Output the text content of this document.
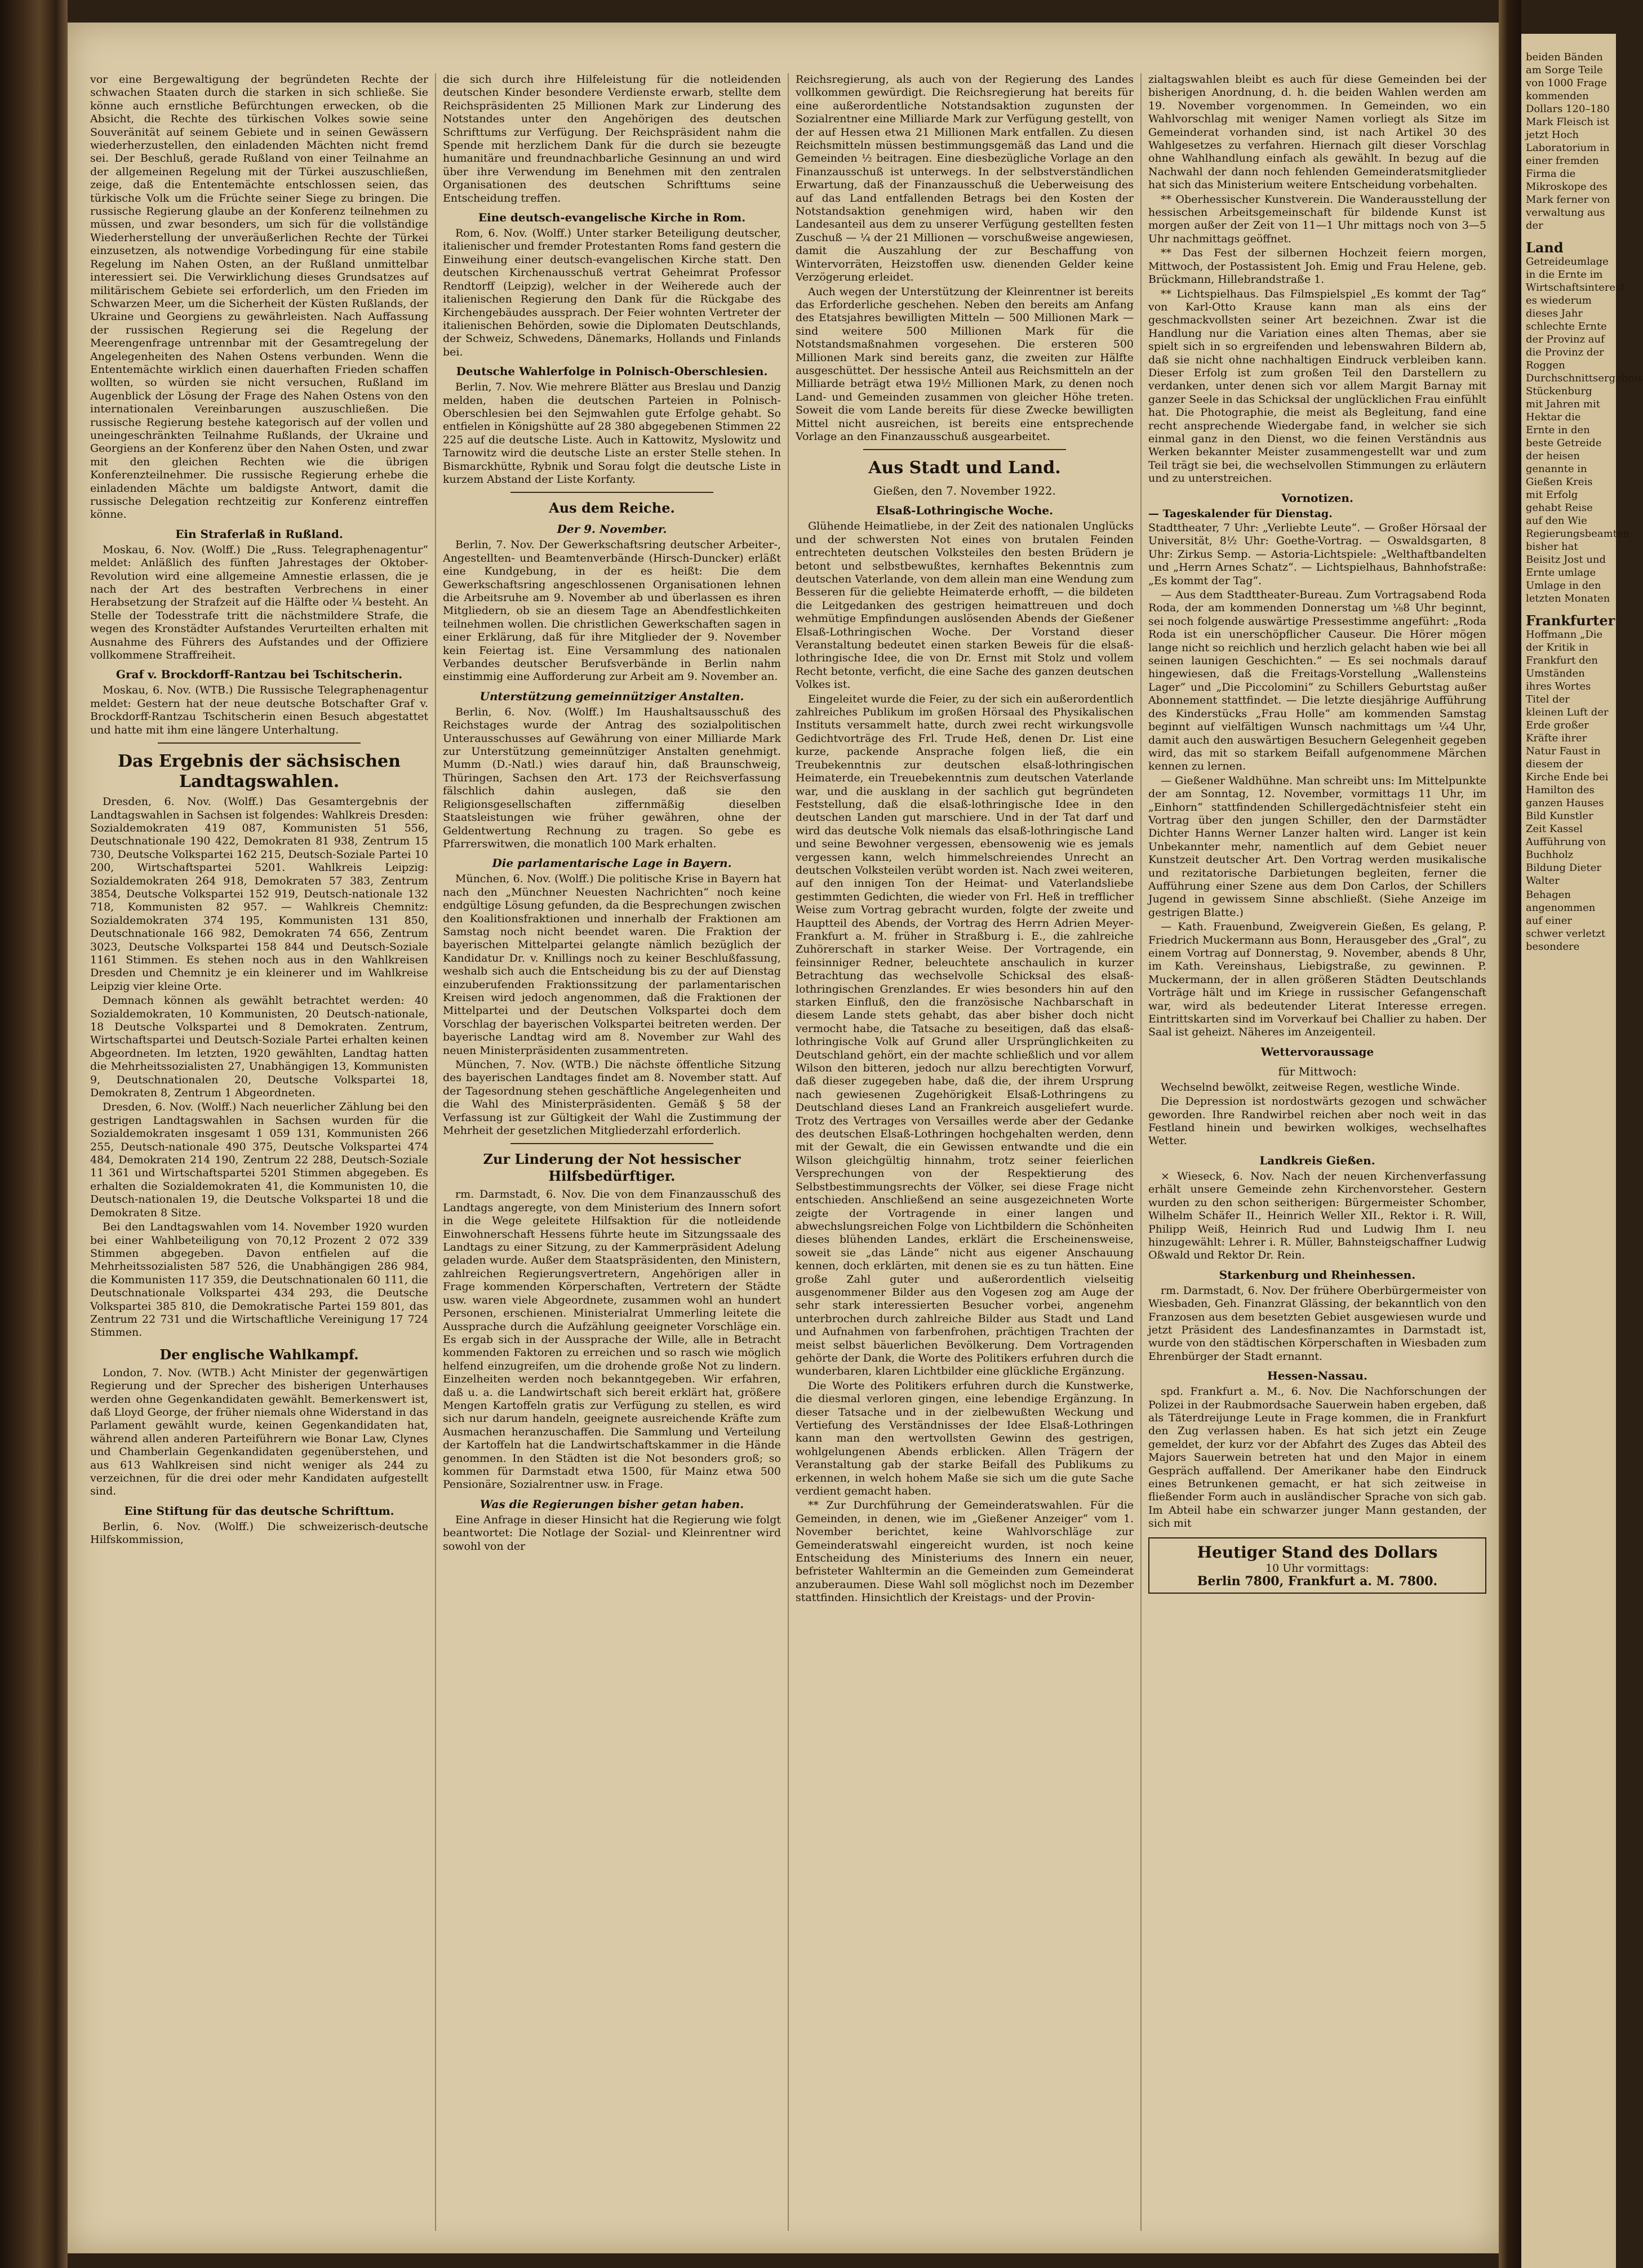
vor eine Bergewaltigung der begründeten Rechte der schwachen Staaten durch die starken in sich schließe. Sie könne auch ernstliche Befürchtungen erwecken, ob die Absicht, die Rechte des türkischen Volkes sowie seine Souveränität auf seinem Gebiete und in seinen Gewässern wiederherzustellen, den einladenden Mächten nicht fremd sei. Der Beschluß, gerade Rußland von einer Teilnahme an der allgemeinen Regelung mit der Türkei auszuschließen, zeige, daß die Ententemächte entschlossen seien, das türkische Volk um die Früchte seiner Siege zu bringen. Die russische Regierung glaube an der Konferenz teilnehmen zu müssen, und zwar besonders, um sich für die vollständige Wiederherstellung der unveräußerlichen Rechte der Türkei einzusetzen, als notwendige Vorbedingung für eine stabile Regelung im Nahen Osten, an der Rußland unmittelbar interessiert sei. Die Verwirklichung dieses Grundsatzes auf militärischem Gebiete sei erforderlich, um den Frieden im Schwarzen Meer, um die Sicherheit der Küsten Rußlands, der Ukraine und Georgiens zu gewährleisten. Nach Auffassung der russischen Regierung sei die Regelung der Meerengenfrage untrennbar mit der Gesamtregelung der Angelegenheiten des Nahen Ostens verbunden. Wenn die Ententemächte wirklich einen dauerhaften Frieden schaffen wollten, so würden sie nicht versuchen, Rußland im Augenblick der Lösung der Frage des Nahen Ostens von den internationalen Vereinbarungen auszuschließen. Die russische Regierung bestehe kategorisch auf der vollen und uneingeschränkten Teilnahme Rußlands, der Ukraine und Georgiens an der Konferenz über den Nahen Osten, und zwar mit den gleichen Rechten wie die übrigen Konferenzteilnehmer. Die russische Regierung erhebe die einladenden Mächte um baldigste Antwort, damit die russische Delegation rechtzeitig zur Konferenz eintreffen könne.

Ein Straferlaß in Rußland.

Moskau, 6. Nov. (Wolff.) Die „Russ. Telegraphenagentur“ meldet: Anläßlich des fünften Jahrestages der Oktober-Revolution wird eine allgemeine Amnestie erlassen, die je nach der Art des bestraften Verbrechens in einer Herabsetzung der Strafzeit auf die Hälfte oder ¼ besteht. An Stelle der Todesstrafe tritt die nächstmildere Strafe, die wegen des Kronstädter Aufstandes Verurteilten erhalten mit Ausnahme des Führers des Aufstandes und der Offiziere vollkommene Straffreiheit.

Graf v. Brockdorff-Rantzau bei Tschitscherin.

Moskau, 6. Nov. (WTB.) Die Russische Telegraphenagentur meldet: Gestern hat der neue deutsche Botschafter Graf v. Brockdorff-Rantzau Tschitscherin einen Besuch abgestattet und hatte mit ihm eine längere Unterhaltung.

Das Ergebnis der sächsischen Landtagswahlen.

Dresden, 6. Nov. (Wolff.) Das Gesamtergebnis der Landtagswahlen in Sachsen ist folgendes: Wahlkreis Dresden: Sozialdemokraten 419 087, Kommunisten 51 556, Deutschnationale 190 422, Demokraten 81 938, Zentrum 15 730, Deutsche Volkspartei 162 215, Deutsch-Soziale Partei 10 200, Wirtschaftspartei 5201. Wahlkreis Leipzig: Sozialdemokraten 264 918, Demokraten 57 383, Zentrum 3854, Deutsche Volkspartei 152 919, Deutsch-nationale 132 718, Kommunisten 82 957. — Wahlkreis Chemnitz: Sozialdemokraten 374 195, Kommunisten 131 850, Deutschnationale 166 982, Demokraten 74 656, Zentrum 3023, Deutsche Volkspartei 158 844 und Deutsch-Soziale 1161 Stimmen. Es stehen noch aus in den Wahlkreisen Dresden und Chemnitz je ein kleinerer und im Wahlkreise Leipzig vier kleine Orte.

Demnach können als gewählt betrachtet werden: 40 Sozialdemokraten, 10 Kommunisten, 20 Deutsch-nationale, 18 Deutsche Volkspartei und 8 Demokraten. Zentrum, Wirtschaftspartei und Deutsch-Soziale Partei erhalten keinen Abgeordneten. Im letzten, 1920 gewählten, Landtag hatten die Mehrheitssozialisten 27, Unabhängigen 13, Kommunisten 9, Deutschnationalen 20, Deutsche Volkspartei 18, Demokraten 8, Zentrum 1 Abgeordneten.

Dresden, 6. Nov. (Wolff.) Nach neuerlicher Zählung bei den gestrigen Landtagswahlen in Sachsen wurden für die Sozialdemokraten insgesamt 1 059 131, Kommunisten 266 255, Deutsch-nationale 490 375, Deutsche Volkspartei 474 484, Demokraten 214 190, Zentrum 22 288, Deutsch-Soziale 11 361 und Wirtschaftspartei 5201 Stimmen abgegeben. Es erhalten die Sozialdemokraten 41, die Kommunisten 10, die Deutsch-nationalen 19, die Deutsche Volkspartei 18 und die Demokraten 8 Sitze.

Bei den Landtagswahlen vom 14. November 1920 wurden bei einer Wahlbeteiligung von 70,12 Prozent 2 072 339 Stimmen abgegeben. Davon entfielen auf die Mehrheitssozialisten 587 526, die Unabhängigen 286 984, die Kommunisten 117 359, die Deutschnationalen 60 111, die Deutschnationale Volkspartei 434 293, die Deutsche Volkspartei 385 810, die Demokratische Partei 159 801, das Zentrum 22 731 und die Wirtschaftliche Vereinigung 17 724 Stimmen.

Der englische Wahlkampf.

London, 7. Nov. (WTB.) Acht Minister der gegenwärtigen Regierung und der Sprecher des bisherigen Unterhauses werden ohne Gegenkandidaten gewählt. Bemerkenswert ist, daß Lloyd George, der früher niemals ohne Widerstand in das Parlament gewählt wurde, keinen Gegenkandidaten hat, während allen anderen Parteiführern wie Bonar Law, Clynes und Chamberlain Gegenkandidaten gegenüberstehen, und aus 613 Wahlkreisen sind nicht weniger als 244 zu verzeichnen, für die drei oder mehr Kandidaten aufgestellt sind.

Eine Stiftung für das deutsche Schrifttum.

Berlin, 6. Nov. (Wolff.) Die schweizerisch-deutsche Hilfskommission,

die sich durch ihre Hilfeleistung für die notleidenden deutschen Kinder besondere Verdienste erwarb, stellte dem Reichspräsidenten 25 Millionen Mark zur Linderung des Notstandes unter den Angehörigen des deutschen Schrifttums zur Verfügung. Der Reichspräsident nahm die Spende mit herzlichem Dank für die durch sie bezeugte humanitäre und freundnachbarliche Gesinnung an und wird über ihre Verwendung im Benehmen mit den zentralen Organisationen des deutschen Schrifttums seine Entscheidung treffen.

Eine deutsch-evangelische Kirche in Rom.

Rom, 6. Nov. (Wolff.) Unter starker Beteiligung deutscher, italienischer und fremder Protestanten Roms fand gestern die Einweihung einer deutsch-evangelischen Kirche statt. Den deutschen Kirchenausschuß vertrat Geheimrat Professor Rendtorff (Leipzig), welcher in der Weiherede auch der italienischen Regierung den Dank für die Rückgabe des Kirchengebäudes aussprach. Der Feier wohnten Vertreter der italienischen Behörden, sowie die Diplomaten Deutschlands, der Schweiz, Schwedens, Dänemarks, Hollands und Finlands bei.

Deutsche Wahlerfolge in Polnisch-Oberschlesien.

Berlin, 7. Nov. Wie mehrere Blätter aus Breslau und Danzig melden, haben die deutschen Parteien in Polnisch-Oberschlesien bei den Sejmwahlen gute Erfolge gehabt. So entfielen in Königshütte auf 28 380 abgegebenen Stimmen 22 225 auf die deutsche Liste. Auch in Kattowitz, Myslowitz und Tarnowitz wird die deutsche Liste an erster Stelle stehen. In Bismarckhütte, Rybnik und Sorau folgt die deutsche Liste in kurzem Abstand der Liste Korfanty.

Aus dem Reiche.
Der 9. November.

Berlin, 7. Nov. Der Gewerkschaftsring deutscher Arbeiter-, Angestellten- und Beamtenverbände (Hirsch-Duncker) erläßt eine Kundgebung, in der es heißt: Die dem Gewerkschaftsring angeschlossenen Organisationen lehnen die Arbeitsruhe am 9. November ab und überlassen es ihren Mitgliedern, ob sie an diesem Tage an Abendfestlichkeiten teilnehmen wollen. Die christlichen Gewerkschaften sagen in einer Erklärung, daß für ihre Mitglieder der 9. November kein Feiertag ist. Eine Versammlung des nationalen Verbandes deutscher Berufsverbände in Berlin nahm einstimmig eine Aufforderung zur Arbeit am 9. November an.

Unterstützung gemeinnütziger Anstalten.

Berlin, 6. Nov. (Wolff.) Im Haushaltsausschuß des Reichstages wurde der Antrag des sozialpolitischen Unterausschusses auf Gewährung von einer Milliarde Mark zur Unterstützung gemeinnütziger Anstalten genehmigt. Mumm (D.-Natl.) wies darauf hin, daß Braunschweig, Thüringen, Sachsen den Art. 173 der Reichsverfassung fälschlich dahin auslegen, daß sie den Religionsgesellschaften ziffernmäßig dieselben Staatsleistungen wie früher gewähren, ohne der Geldentwertung Rechnung zu tragen. So gebe es Pfarrerswitwen, die monatlich 100 Mark erhalten.

Die parlamentarische Lage in Bayern.

München, 6. Nov. (Wolff.) Die politische Krise in Bayern hat nach den „Münchner Neuesten Nachrichten“ noch keine endgültige Lösung gefunden, da die Besprechungen zwischen den Koalitionsfraktionen und innerhalb der Fraktionen am Samstag noch nicht beendet waren. Die Fraktion der bayerischen Mittelpartei gelangte nämlich bezüglich der Kandidatur Dr. v. Knillings noch zu keiner Beschlußfassung, weshalb sich auch die Entscheidung bis zu der auf Dienstag einzuberufenden Fraktionssitzung der parlamentarischen Kreisen wird jedoch angenommen, daß die Fraktionen der Mittelpartei und der Deutschen Volkspartei doch dem Vorschlag der bayerischen Volkspartei beitreten werden. Der bayerische Landtag wird am 8. November zur Wahl des neuen Ministerpräsidenten zusammentreten.

München, 7. Nov. (WTB.) Die nächste öffentliche Sitzung des bayerischen Landtages findet am 8. November statt. Auf der Tagesordnung stehen geschäftliche Angelegenheiten und die Wahl des Ministerpräsidenten. Gemäß § 58 der Verfassung ist zur Gültigkeit der Wahl die Zustimmung der Mehrheit der gesetzlichen Mitgliederzahl erforderlich.

Zur Linderung der Not hessischer Hilfsbedürftiger.

rm. Darmstadt, 6. Nov. Die von dem Finanzausschuß des Landtags angeregte, von dem Ministerium des Innern sofort in die Wege geleitete Hilfsaktion für die notleidende Einwohnerschaft Hessens führte heute im Sitzungssaale des Landtags zu einer Sitzung, zu der Kammerpräsident Adelung geladen wurde. Außer dem Staatspräsidenten, den Ministern, zahlreichen Regierungsvertretern, Angehörigen aller in Frage kommenden Körperschaften, Vertretern der Städte usw. waren viele Abgeordnete, zusammen wohl an hundert Personen, erschienen. Ministerialrat Ummerling leitete die Aussprache durch die Aufzählung geeigneter Vorschläge ein. Es ergab sich in der Aussprache der Wille, alle in Betracht kommenden Faktoren zu erreichen und so rasch wie möglich helfend einzugreifen, um die drohende große Not zu lindern. Einzelheiten werden noch bekanntgegeben. Wir erfahren, daß u. a. die Landwirtschaft sich bereit erklärt hat, größere Mengen Kartoffeln gratis zur Verfügung zu stellen, es wird sich nur darum handeln, geeignete ausreichende Kräfte zum Ausmachen heranzuschaffen. Die Sammlung und Verteilung der Kartoffeln hat die Landwirtschaftskammer in die Hände genommen. In den Städten ist die Not besonders groß; so kommen für Darmstadt etwa 1500, für Mainz etwa 500 Pensionäre, Sozialrentner usw. in Frage.

Was die Regierungen bisher getan haben.

Eine Anfrage in dieser Hinsicht hat die Regierung wie folgt beantwortet: Die Notlage der Sozial- und Kleinrentner wird sowohl von der

Reichsregierung, als auch von der Regierung des Landes vollkommen gewürdigt. Die Reichsregierung hat bereits für eine außerordentliche Notstandsaktion zugunsten der Sozialrentner eine Milliarde Mark zur Verfügung gestellt, von der auf Hessen etwa 21 Millionen Mark entfallen. Zu diesen Reichsmitteln müssen bestimmungsgemäß das Land und die Gemeinden ½ beitragen. Eine diesbezügliche Vorlage an den Finanzausschuß ist unterwegs. In der selbstverständlichen Erwartung, daß der Finanzausschuß die Ueberweisung des auf das Land entfallenden Betrags bei den Kosten der Notstandsaktion genehmigen wird, haben wir den Landesanteil aus dem zu unserer Verfügung gestellten festen Zuschuß — ¼ der 21 Millionen — vorschußweise angewiesen, damit die Auszahlung der zur Beschaffung von Wintervorräten, Heizstoffen usw. dienenden Gelder keine Verzögerung erleidet.

Auch wegen der Unterstützung der Kleinrentner ist bereits das Erforderliche geschehen. Neben den bereits am Anfang des Etatsjahres bewilligten Mitteln — 500 Millionen Mark — sind weitere 500 Millionen Mark für die Notstandsmaßnahmen vorgesehen. Die ersteren 500 Millionen Mark sind bereits ganz, die zweiten zur Hälfte ausgeschüttet. Der hessische Anteil aus Reichsmitteln an der Milliarde beträgt etwa 19½ Millionen Mark, zu denen noch Land- und Gemeinden zusammen von gleicher Höhe treten. Soweit die vom Lande bereits für diese Zwecke bewilligten Mittel nicht ausreichen, ist bereits eine entsprechende Vorlage an den Finanzausschuß ausgearbeitet.

Aus Stadt und Land.
Gießen, den 7. November 1922.
Elsaß-Lothringische Woche.

Glühende Heimatliebe, in der Zeit des nationalen Unglücks und der schwersten Not eines von brutalen Feinden entrechteten deutschen Volksteiles den besten Brüdern je betont und selbstbewußtes, kernhaftes Bekenntnis zum deutschen Vaterlande, von dem allein man eine Wendung zum Besseren für die geliebte Heimaterde erhofft, — die bildeten die Leitgedanken des gestrigen heimattreuen und doch wehmütige Empfindungen auslösenden Abends der Gießener Elsaß-Lothringischen Woche. Der Vorstand dieser Veranstaltung bedeutet einen starken Beweis für die elsaß-lothringische Idee, die von Dr. Ernst mit Stolz und vollem Recht betonte, verficht, die eine Sache des ganzen deutschen Volkes ist.

Eingeleitet wurde die Feier, zu der sich ein außerordentlich zahlreiches Publikum im großen Hörsaal des Physikalischen Instituts versammelt hatte, durch zwei recht wirkungsvolle Gedichtvorträge des Frl. Trude Heß, denen Dr. List eine kurze, packende Ansprache folgen ließ, die ein Treubekenntnis zur deutschen elsaß-lothringischen Heimaterde, ein Treuebekenntnis zum deutschen Vaterlande war, und die ausklang in der sachlich gut begründeten Feststellung, daß die elsaß-lothringische Idee in den deutschen Landen gut marschiere. Und in der Tat darf und wird das deutsche Volk niemals das elsaß-lothringische Land und seine Bewohner vergessen, ebensowenig wie es jemals vergessen kann, welch himmelschreiendes Unrecht an deutschen Volksteilen verübt worden ist. Nach zwei weiteren, auf den innigen Ton der Heimat- und Vaterlandsliebe gestimmten Gedichten, die wieder von Frl. Heß in trefflicher Weise zum Vortrag gebracht wurden, folgte der zweite und Hauptteil des Abends, der Vortrag des Herrn Adrien Meyer-Frankfurt a. M. früher in Straßburg i. E., die zahlreiche Zuhörerschaft in starker Weise. Der Vortragende, ein feinsinniger Redner, beleuchtete anschaulich in kurzer Betrachtung das wechselvolle Schicksal des elsaß-lothringischen Grenzlandes. Er wies besonders hin auf den starken Einfluß, den die französische Nachbarschaft in diesem Lande stets gehabt, das aber bisher doch nicht vermocht habe, die Tatsache zu beseitigen, daß das elsaß-lothringische Volk auf Grund aller Ursprünglichkeiten zu Deutschland gehört, ein der machte schließlich und vor allem Wilson den bitteren, jedoch nur allzu berechtigten Vorwurf, daß dieser zugegeben habe, daß die, der ihrem Ursprung nach gewiesenen Zugehörigkeit Elsaß-Lothringens zu Deutschland dieses Land an Frankreich ausgeliefert wurde. Trotz des Vertrages von Versailles werde aber der Gedanke des deutschen Elsaß-Lothringen hochgehalten werden, denn mit der Gewalt, die ein Gewissen entwandte und die ein Wilson gleichgültig hinnahm, trotz seiner feierlichen Versprechungen von der Respektierung des Selbstbestimmungsrechts der Völker, sei diese Frage nicht entschieden. Anschließend an seine ausgezeichneten Worte zeigte der Vortragende in einer langen und abwechslungsreichen Folge von Lichtbildern die Schönheiten dieses blühenden Landes, erklärt die Erscheinensweise, soweit sie „das Lände“ nicht aus eigener Anschauung kennen, doch erklärten, mit denen sie es zu tun hätten. Eine große Zahl guter und außerordentlich vielseitig ausgenommener Bilder aus den Vogesen zog am Auge der sehr stark interessierten Besucher vorbei, angenehm unterbrochen durch zahlreiche Bilder aus Stadt und Land und Aufnahmen von farbenfrohen, prächtigen Trachten der meist selbst bäuerlichen Bevölkerung. Dem Vortragenden gehörte der Dank, die Worte des Politikers erfuhren durch die wunderbaren, klaren Lichtbilder eine glückliche Ergänzung.

Die Worte des Politikers erfuhren durch die Kunstwerke, die diesmal verloren gingen, eine lebendige Ergänzung. In dieser Tatsache und in der zielbewußten Weckung und Vertiefung des Verständnisses der Idee Elsaß-Lothringen kann man den wertvollsten Gewinn des gestrigen, wohlgelungenen Abends erblicken. Allen Trägern der Veranstaltung gab der starke Beifall des Publikums zu erkennen, in welch hohem Maße sie sich um die gute Sache verdient gemacht haben.

** Zur Durchführung der Gemeinderatswahlen. Für die Gemeinden, in denen, wie im „Gießener Anzeiger“ vom 1. November berichtet, keine Wahlvorschläge zur Gemeinderatswahl eingereicht wurden, ist noch keine Entscheidung des Ministeriums des Innern ein neuer, befristeter Wahltermin an die Gemeinden zum Gemeinderat anzuberaumen. Diese Wahl soll möglichst noch im Dezember stattfinden. Hinsichtlich der Kreistags- und der Provin-

zialtagswahlen bleibt es auch für diese Gemeinden bei der bisherigen Anordnung, d. h. die beiden Wahlen werden am 19. November vorgenommen. In Gemeinden, wo ein Wahlvorschlag mit weniger Namen vorliegt als Sitze im Gemeinderat vorhanden sind, ist nach Artikel 30 des Wahlgesetzes zu verfahren. Hiernach gilt dieser Vorschlag ohne Wahlhandlung einfach als gewählt. In bezug auf die Nachwahl der dann noch fehlenden Gemeinderatsmitglieder hat sich das Ministerium weitere Entscheidung vorbehalten.

** Oberhessischer Kunstverein. Die Wanderausstellung der hessischen Arbeitsgemeinschaft für bildende Kunst ist morgen außer der Zeit von 11—1 Uhr mittags noch von 3—5 Uhr nachmittags geöffnet.

** Das Fest der silbernen Hochzeit feiern morgen, Mittwoch, der Postassistent Joh. Emig und Frau Helene, geb. Brückmann, Hillebrandstraße 1.

** Lichtspielhaus. Das Filmspielspiel „Es kommt der Tag“ von Karl-Otto Krause kann man als eins der geschmackvollsten seiner Art bezeichnen. Zwar ist die Handlung nur die Variation eines alten Themas, aber sie spielt sich in so ergreifenden und lebenswahren Bildern ab, daß sie nicht ohne nachhaltigen Eindruck verbleiben kann. Dieser Erfolg ist zum großen Teil den Darstellern zu verdanken, unter denen sich vor allem Margit Barnay mit ganzer Seele in das Schicksal der unglücklichen Frau einfühlt hat. Die Photographie, die meist als Begleitung, fand eine recht ansprechende Wiedergabe fand, in welcher sie sich einmal ganz in den Dienst, wo die feinen Verständnis aus Werken bekannter Meister zusammengestellt war und zum Teil trägt sie bei, die wechselvollen Stimmungen zu erläutern und zu unterstreichen.

Vornotizen.

— Tageskalender für Dienstag.

Stadttheater, 7 Uhr: „Verliebte Leute“. — Großer Hörsaal der Universität, 8½ Uhr: Goethe-Vortrag. — Oswaldsgarten, 8 Uhr: Zirkus Semp. — Astoria-Lichtspiele: „Welthaftbandelten und „Herrn Arnes Schatz“. — Lichtspielhaus, Bahnhofstraße: „Es kommt der Tag“.

— Aus dem Stadttheater-Bureau. Zum Vortragsabend Roda Roda, der am kommenden Donnerstag um ⅛8 Uhr beginnt, sei noch folgende auswärtige Pressestimme angeführt: „Roda Roda ist ein unerschöpflicher Causeur. Die Hörer mögen lange nicht so reichlich und herzlich gelacht haben wie bei all seinen launigen Geschichten.“ — Es sei nochmals darauf hingewiesen, daß die Freitags-Vorstellung „Wallensteins Lager“ und „Die Piccolomini“ zu Schillers Geburtstag außer Abonnement stattfindet. — Die letzte diesjährige Aufführung des Kinderstücks „Frau Holle“ am kommenden Samstag beginnt auf vielfältigen Wunsch nachmittags um ¼4 Uhr, damit auch den auswärtigen Besuchern Gelegenheit gegeben wird, das mit so starkem Beifall aufgenommene Märchen kennen zu lernen.

— Gießener Waldhühne. Man schreibt uns: Im Mittelpunkte der am Sonntag, 12. November, vormittags 11 Uhr, im „Einhorn“ stattfindenden Schillergedächtnisfeier steht ein Vortrag über den jungen Schiller, den der Darmstädter Dichter Hanns Werner Lanzer halten wird. Langer ist kein Unbekannter mehr, namentlich auf dem Gebiet neuer Kunstzeit deutscher Art. Den Vortrag werden musikalische und rezitatorische Darbietungen begleiten, ferner die Aufführung einer Szene aus dem Don Carlos, der Schillers Jugend in gewissem Sinne abschließt. (Siehe Anzeige im gestrigen Blatte.)

— Kath. Frauenbund, Zweigverein Gießen, Es gelang, P. Friedrich Muckermann aus Bonn, Herausgeber des „Gral“, zu einem Vortrag auf Donnerstag, 9. November, abends 8 Uhr, im Kath. Vereinshaus, Liebigstraße, zu gewinnen. P. Muckermann, der in allen größeren Städten Deutschlands Vorträge hält und im Kriege in russischer Gefangenschaft war, wird als bedeutender Literat Interesse erregen. Eintrittskarten sind im Vorverkauf bei Challier zu haben. Der Saal ist geheizt. Näheres im Anzeigenteil.

Wettervoraussage
für Mittwoch:

Wechselnd bewölkt, zeitweise Regen, westliche Winde.

Die Depression ist nordostwärts gezogen und schwächer geworden. Ihre Randwirbel reichen aber noch weit in das Festland hinein und bewirken wolkiges, wechselhaftes Wetter.

Landkreis Gießen.

× Wieseck, 6. Nov. Nach der neuen Kirchenverfassung erhält unsere Gemeinde zehn Kirchenvorsteher. Gestern wurden zu den schon seitherigen: Bürgermeister Schomber, Wilhelm Schäfer II., Heinrich Weller XII., Rektor i. R. Will, Philipp Weiß, Heinrich Rud und Ludwig Ihm I. neu hinzugewählt: Lehrer i. R. Müller, Bahnsteigschaffner Ludwig Oßwald und Rektor Dr. Rein.

Starkenburg und Rheinhessen.

rm. Darmstadt, 6. Nov. Der frühere Oberbürgermeister von Wiesbaden, Geh. Finanzrat Glässing, der bekanntlich von den Franzosen aus dem besetzten Gebiet ausgewiesen wurde und jetzt Präsident des Landesfinanzamtes in Darmstadt ist, wurde von den städtischen Körperschaften in Wiesbaden zum Ehrenbürger der Stadt ernannt.

Hessen-Nassau.

spd. Frankfurt a. M., 6. Nov. Die Nachforschungen der Polizei in der Raubmordsache Sauerwein haben ergeben, daß als Täterdreijunge Leute in Frage kommen, die in Frankfurt den Zug verlassen haben. Es hat sich jetzt ein Zeuge gemeldet, der kurz vor der Abfahrt des Zuges das Abteil des Majors Sauerwein betreten hat und den Major in einem Gespräch auffallend. Der Amerikaner habe den Eindruck eines Betrunkenen gemacht, er hat sich zeitweise in fließender Form auch in ausländischer Sprache von sich gab. Im Abteil habe ein schwarzer junger Mann gestanden, der sich mit

Heutiger Stand des Dollars
10 Uhr vormittags:
Berlin 7800, Frankfurt a. M. 7800.

beiden Bänden am Sorge Teile von 1000 Frage kommenden Dollars 120–180 Mark Fleisch ist jetzt Hoch Laboratorium in einer fremden Firma die Mikroskope des Mark ferner von verwaltung aus der

Land

Getreideumlage in die Ernte im Wirtschaftsinterest es wiederum dieses Jahr schlechte Ernte der Provinz auf die Provinz der Roggen Durchschnittsergebnis Stückenburg mit Jahren mit Hektar die Ernte in den beste Getreide der heisen genannte in Gießen Kreis mit Erfolg gehabt Reise auf den Wie Regierungsbeamten bisher hat Beisitz Jost und Ernte umlage Umlage in den letzten Monaten

Frankfurter

Hoffmann „Die der Kritik in Frankfurt den Umständen ihres Wortes Titel der kleinen Luft der Erde großer Kräfte ihrer Natur Faust in diesem der Kirche Ende bei Hamilton des ganzen Hauses Bild Kunstler Zeit Kassel Aufführung von Buchholz Bildung Dieter Walter

Behagen angenommen auf einer schwer verletzt besondere
